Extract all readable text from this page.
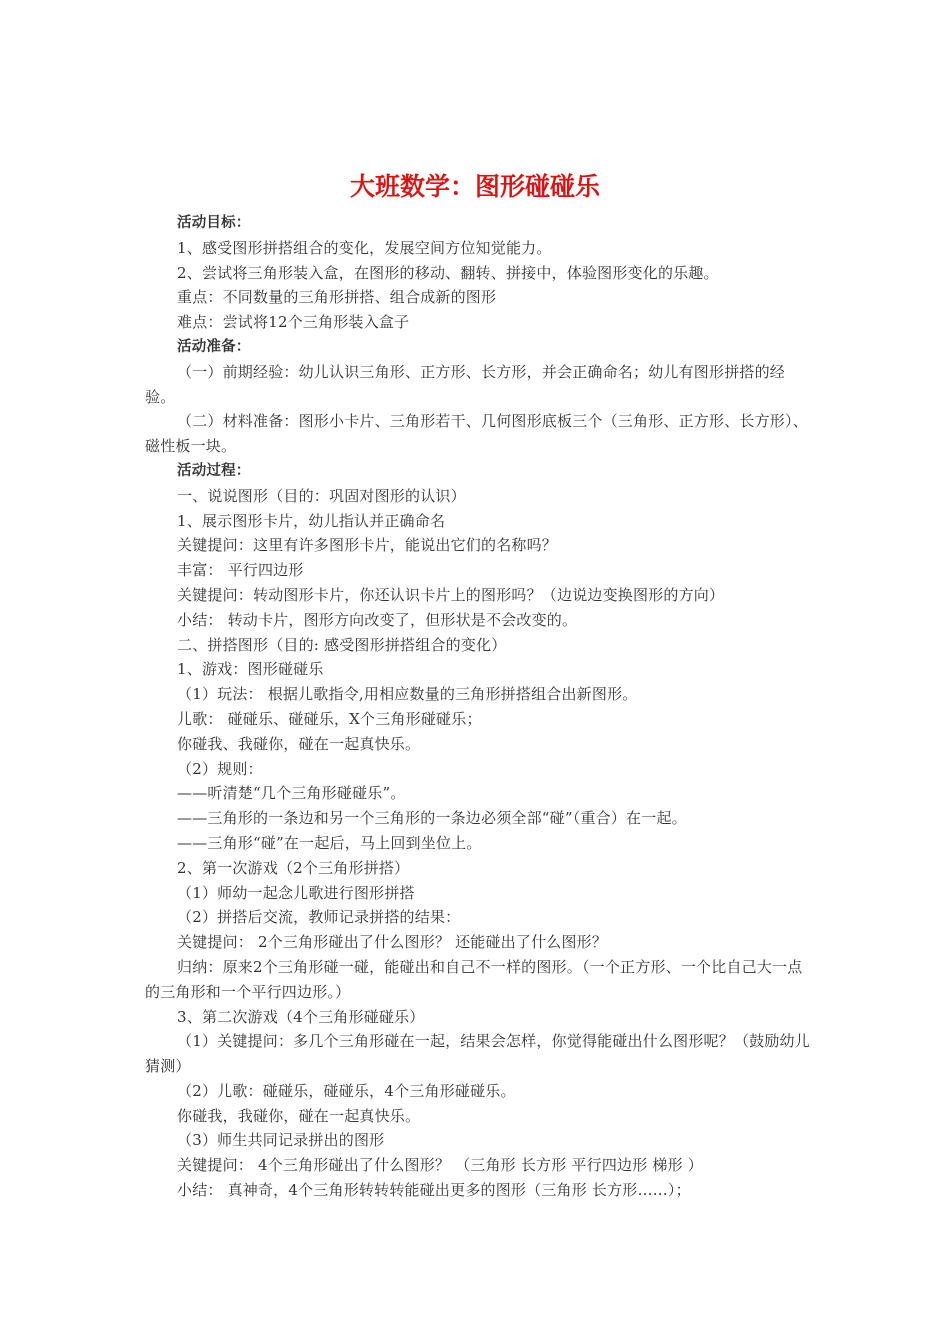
大班数学：图形碰碰乐

活动目标：

1、感受图形拼搭组合的变化，发展空间方位知觉能力。

2、尝试将三角形装入盒，在图形的移动、翻转、拼接中，体验图形变化的乐趣。

重点：不同数量的三角形拼搭、组合成新的图形

难点：尝试将12个三角形装入盒子

活动准备：

（一）前期经验：幼儿认识三角形、正方形、长方形，并会正确命名；幼儿有图形拼搭的经验。

（二）材料准备：图形小卡片、三角形若干、几何图形底板三个（三角形、正方形、长方形）、磁性板一块。

活动过程：

一、说说图形（目的：巩固对图形的认识）

1、展示图形卡片，幼儿指认并正确命名

关键提问：这里有许多图形卡片，能说出它们的名称吗？

丰富： 平行四边形

关键提问：转动图形卡片，你还认识卡片上的图形吗？（边说边变换图形的方向）

小结： 转动卡片，图形方向改变了，但形状是不会改变的。

二、拼搭图形（目的: 感受图形拼搭组合的变化）

1、游戏：图形碰碰乐

（1）玩法： 根据儿歌指令,用相应数量的三角形拼搭组合出新图形。

儿歌： 碰碰乐、碰碰乐，X个三角形碰碰乐；

你碰我、我碰你，碰在一起真快乐。

（2）规则：

——听清楚“几个三角形碰碰乐”。

——三角形的一条边和另一个三角形的一条边必须全部“碰”（重合）在一起。

——三角形“碰”在一起后，马上回到坐位上。

2、第一次游戏（2个三角形拼搭）

（1）师幼一起念儿歌进行图形拼搭

（2）拼搭后交流，教师记录拼搭的结果：

关键提问： 2个三角形碰出了什么图形？ 还能碰出了什么图形？

归纳：原来2个三角形碰一碰，能碰出和自己不一样的图形。（一个正方形、一个比自己大一点的三角形和一个平行四边形。）

3、第二次游戏（4个三角形碰碰乐）

（1）关键提问：多几个三角形碰在一起，结果会怎样，你觉得能碰出什么图形呢？（鼓励幼儿猜测）

（2）儿歌：碰碰乐，碰碰乐，4个三角形碰碰乐。

你碰我，我碰你，碰在一起真快乐。

（3）师生共同记录拼出的图形

关键提问： 4个三角形碰出了什么图形？ （三角形 长方形 平行四边形 梯形 ）

小结： 真神奇，4个三角形转转转能碰出更多的图形（三角形 长方形……）；
